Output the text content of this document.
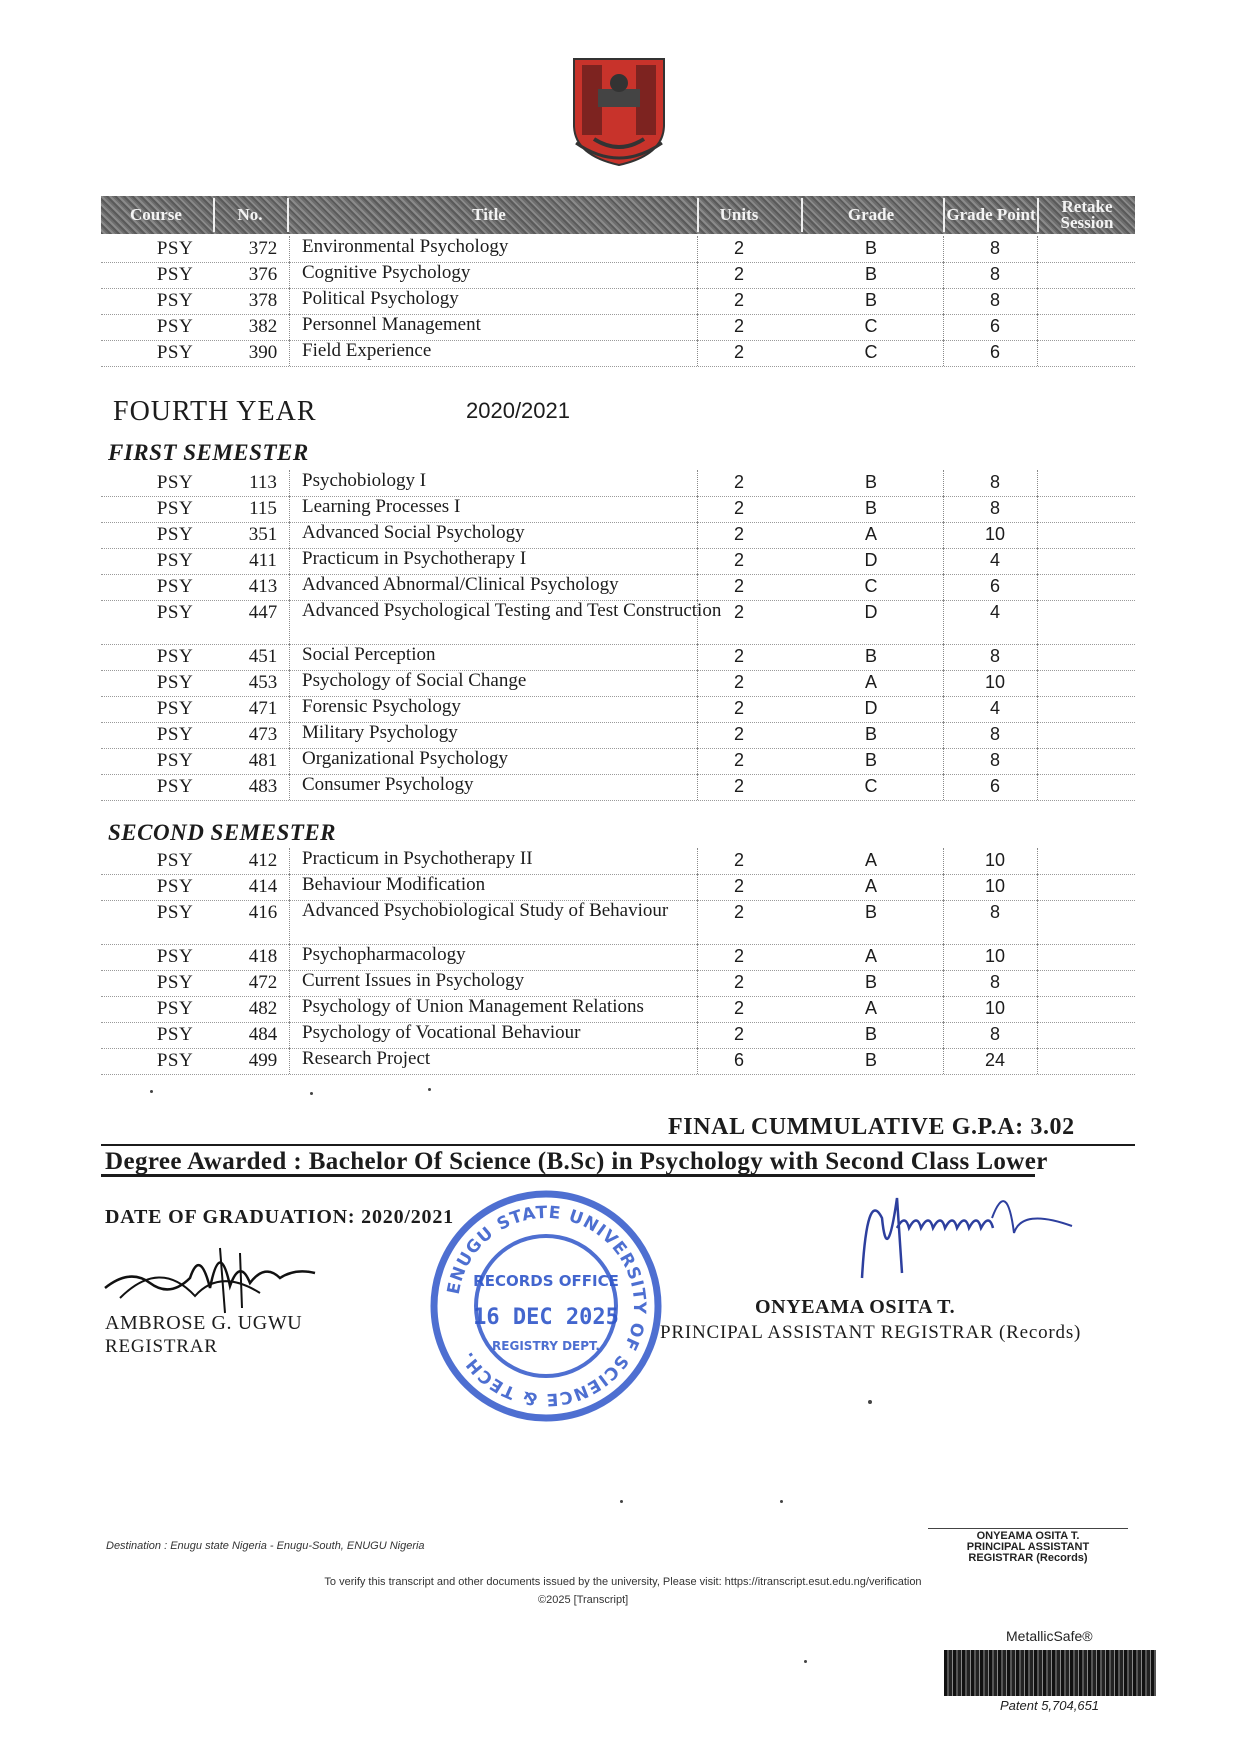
Course	No.	Title	Units	Grade	Grade Point	Retake Session
PSY	372	Environmental Psychology	2	B	8
PSY	376	Cognitive Psychology	2	B	8
PSY	378	Political Psychology	2	B	8
PSY	382	Personnel Management	2	C	6
PSY	390	Field Experience	2	C	6
FOURTH YEAR	2020/2021
FIRST SEMESTER
PSY	113	Psychobiology I	2	B	8
PSY	115	Learning Processes I	2	B	8
PSY	351	Advanced Social Psychology	2	A	10
PSY	411	Practicum in Psychotherapy I	2	D	4
PSY	413	Advanced Abnormal/Clinical Psychology	2	C	6
PSY	447	Advanced Psychological Testing and Test Construction 2	D	4
PSY	451	Social Perception	2	B	8
PSY	453	Psychology of Social Change	2	A	10
PSY	471	Forensic Psychology	2	D	4
PSY	473	Military Psychology	2	B	8
PSY	481	Organizational Psychology	2	B	8
PSY	483	Consumer Psychology	2	C	6
SECOND SEMESTER
PSY	412	Practicum in Psychotherapy II	2	A	10
PSY	414	Behaviour Modification	2	A	10
PSY	416	Advanced Psychobiological Study of Behaviour	2	B	8
PSY	418	Psychopharmacology	2	A	10
PSY	472	Current Issues in Psychology	2	B	8
PSY	482	Psychology of Union Management Relations	2	A	10
PSY	484	Psychology of Vocational Behaviour	2	B	8
PSY	499	Research Project	6	B	24
FINAL CUMMULATIVE G.P.A: 3.02
Degree Awarded : Bachelor Of Science (B.Sc) in Psychology with Second Class Lower
DATE OF GRADUATION: 2020/2021
AMBROSE G. UGWU
REGISTRAR
ONYEAMA OSITA T.
PRINCIPAL ASSISTANT REGISTRAR (Records)
ENUGU STATE UNIVERSITY OF SCIENCE & TECH.
RECORDS OFFICE
16 DEC 2025
REGISTRY DEPT.
Destination : Enugu state Nigeria - Enugu-South, ENUGU Nigeria
ONYEAMA OSITA T.
PRINCIPAL ASSISTANT
REGISTRAR (Records)
To verify this transcript and other documents issued by the university, Please visit: https://itranscript.esut.edu.ng/verification
©2025 [Transcript]
MetallicSafe®
Patent 5,704,651
